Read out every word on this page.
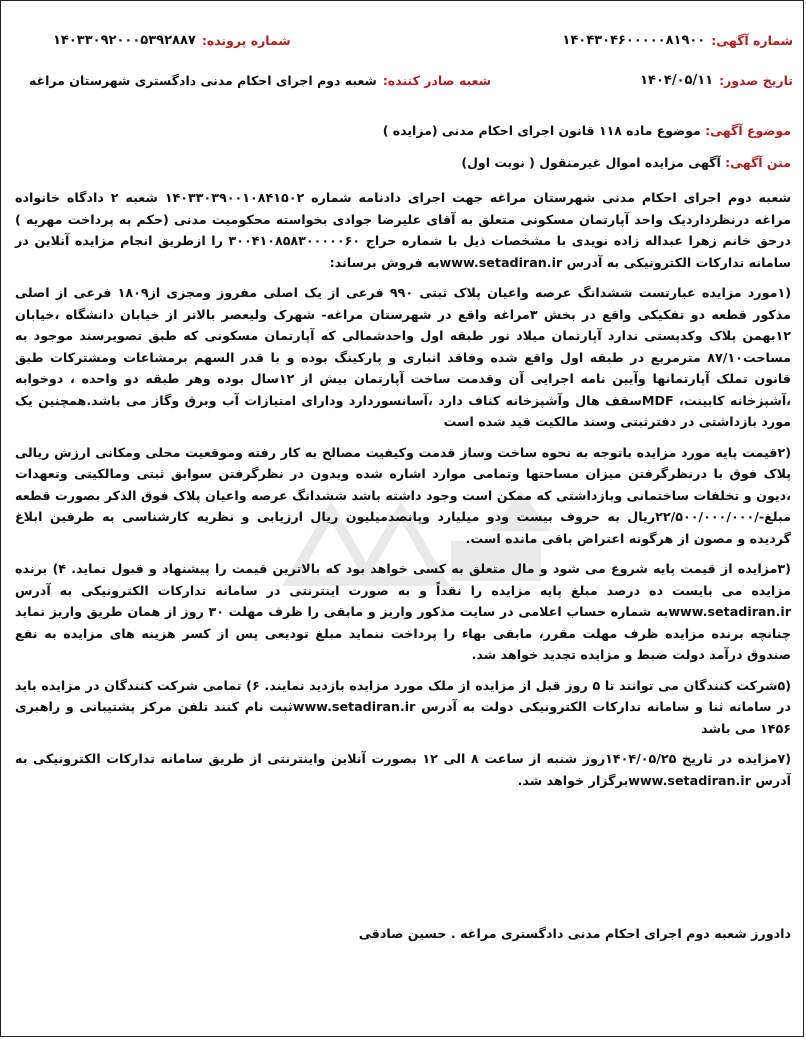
شماره آگهی:
۱۴۰۴۳۰۴۶۰۰۰۰۰۸۱۹۰۰
شماره پرونده:
۱۴۰۳۳۰۹۲۰۰۰۵۳۹۲۸۸۷
تاریخ صدور:
۱۴۰۴/۰۵/۱۱
شعبه صادر کننده:
شعبه دوم اجرای احکام مدنی دادگستری شهرستان مراغه
موضوع آگهی: موضوع ماده ۱۱۸ قانون اجرای احکام مدنی (مزایده )
متن آگهی: آگهی مزایده اموال غیرمنقول ( نوبت اول)

شعبه دوم اجرای احکام مدنی شهرستان مراغه جهت اجرای دادنامه شماره ۱۴۰۳۳۰۳۹۰۰۱۰۸۴۱۵۰۲ شعبه ۲ دادگاه خانواده مراغه درنظرداردیک واحد آپارتمان مسکونی متعلق به آقای علیرضا جوادی بخواسته محکومیت مدنی (حکم به پرداخت مهریه ) درحق خانم زهرا عبداله زاده نویدی با مشخصات ذیل با شماره حراج ۳۰۰۴۱۰۸۵۸۳۰۰۰۰۰۶۰ را ازطریق انجام مزایده آنلاین در سامانه تدارکات الکترونیکی به آدرس www.setadiran.irبه فروش برساند:

(۱مورد مزایده عبارتست ششدانگ عرصه واعیان پلاک ثبتی ۹۹۰ فرعی از یک اصلی مفروز ومجزی از۱۸۰۹ فرعی از اصلی مذکور قطعه دو تفکیکی واقع در بخش ۳مراغه واقع در شهرستان مراغه- شهرک ولیعصر بالاتر از خیابان دانشگاه ،خیابان ۱۲بهمن پلاک وکدپستی ندارد آپارتمان میلاد نور طبقه اول واحدشمالی که آپارتمان مسکونی که طبق تصویرسند موجود به مساحت۸۷/۱۰ مترمربع در طبقه اول واقع شده وفاقد انباری و پارکینگ بوده و با قدر السهم برمشاعات ومشترکات طبق قانون تملک آپارتمانها وآیین نامه اجرایی آن وقدمت ساخت آپارتمان بیش از ۱۲سال بوده وهر طبقه دو واحده ، دوخوابه ،آشپزخانه کابینت، MDFسقف هال وآشپزخانه کناف دارد ،آسانسوردارد ودارای امتیازات آب وبرق وگاز می باشد.همچنین یک مورد بازداشتی در دفترثبتی وسند مالکیت قید شده است

(۲قیمت پایه مورد مزایده باتوجه به نحوه ساخت وساز قدمت وکیفیت مصالح به کار رفته وموقعیت محلی ومکانی ارزش ریالی پلاک فوق با درنظرگرفتن میزان مساحتها وتمامی موارد اشاره شده وبدون در نظرگرفتن سوابق ثبتی ومالکیتی وتعهدات ،دیون و تخلفات ساختمانی وبازداشتی که ممکن است وجود داشته باشد ششدانگ عرصه واعیان پلاک فوق الذکر بصورت قطعه مبلغ-/۲۲/۵۰۰/۰۰۰/۰۰۰ریال به حروف بیست ودو میلیارد وپانصدمیلیون ریال ارزیابی و نظریه کارشناسی به طرفین ابلاغ گردیده و مصون از هرگونه اعتراض باقی مانده است.

(۳مزایده از قیمت پایه شروع می شود و مال متعلق به کسی خواهد بود که بالاترین قیمت را پیشنهاد و قبول نماید. ۴) برنده مزایده می بایست ده درصد مبلغ پایه مزایده را نقداً و به صورت اینترنتی در سامانه تدارکات الکترونیکی به آدرس www.setadiran.irبه شماره حساب اعلامی در سایت مذکور واریز و مابقی را ظرف مهلت ۳۰ روز از همان طریق واریز نماید چنانچه برنده مزایده ظرف مهلت مقرر، مابقی بهاء را پرداخت ننماید مبلغ تودیعی پس از کسر هزینه های مزایده به نفع صندوق درآمد دولت ضبط و مزایده تجدید خواهد شد.

(۵شرکت کنندگان می توانند تا ۵ روز قبل از مزایده از ملک مورد مزایده بازدید نمایند. ۶) تمامی شرکت کنندگان در مزایده باید در سامانه ثنا و سامانه تدارکات الکترونیکی دولت به آدرس www.setadiran.irثبت نام کنند تلفن مرکز پشتیبانی و راهبری ۱۴۵۶ می باشد

(۷مزایده در تاریخ ۱۴۰۴/۰۵/۲۵روز شنبه از ساعت ۸ الی ۱۲ بصورت آنلاین واینترنتی از طریق سامانه تدارکات الکترونیکی به آدرس www.setadiran.irبرگزار خواهد شد.

دادورز شعبه دوم اجرای احکام مدنی دادگستری مراغه . حسین صادقی
